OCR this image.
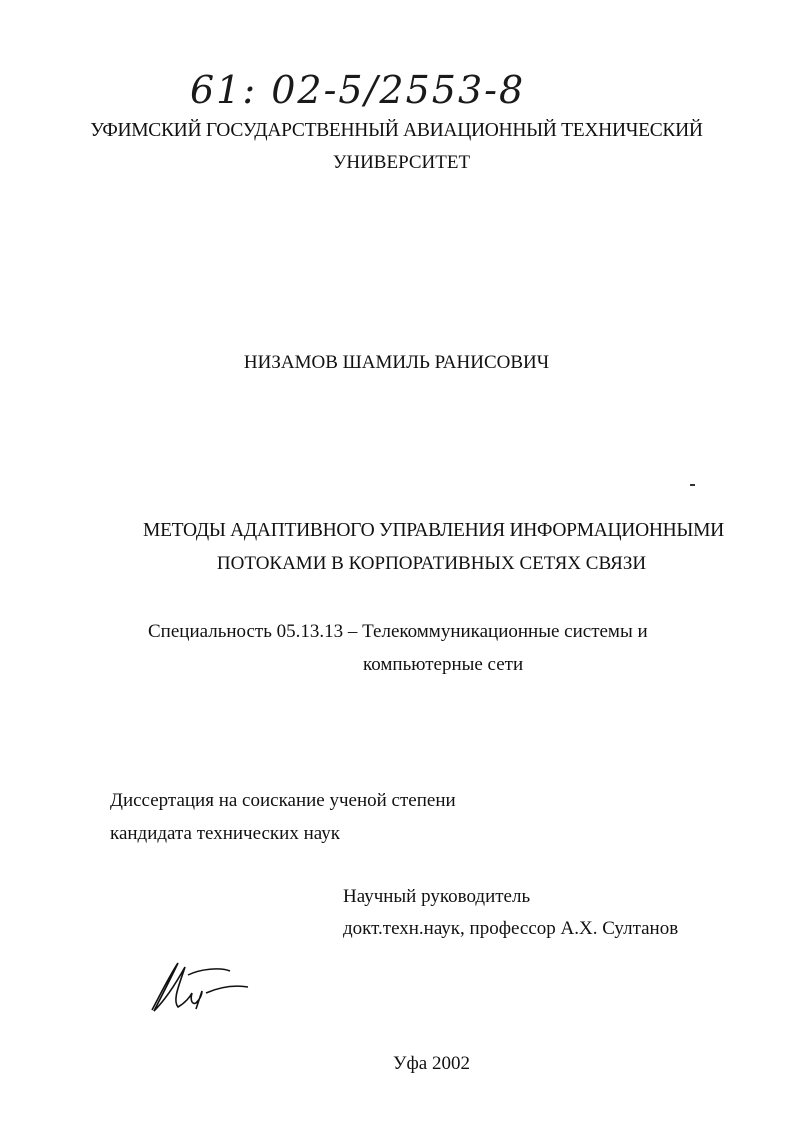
61: 02-5/2553-8
УФИМСКИЙ ГОСУДАРСТВЕННЫЙ АВИАЦИОННЫЙ ТЕХНИЧЕСКИЙ
УНИВЕРСИТЕТ
НИЗАМОВ ШАМИЛЬ РАНИСОВИЧ
МЕТОДЫ АДАПТИВНОГО УПРАВЛЕНИЯ ИНФОРМАЦИОННЫМИ
ПОТОКАМИ В КОРПОРАТИВНЫХ СЕТЯХ СВЯЗИ
Специальность 05.13.13 – Телекоммуникационные системы и
компьютерные сети
Диссертация на соискание ученой степени
кандидата технических наук
Научный руководитель
докт.техн.наук, профессор А.Х. Султанов
Уфа 2002
